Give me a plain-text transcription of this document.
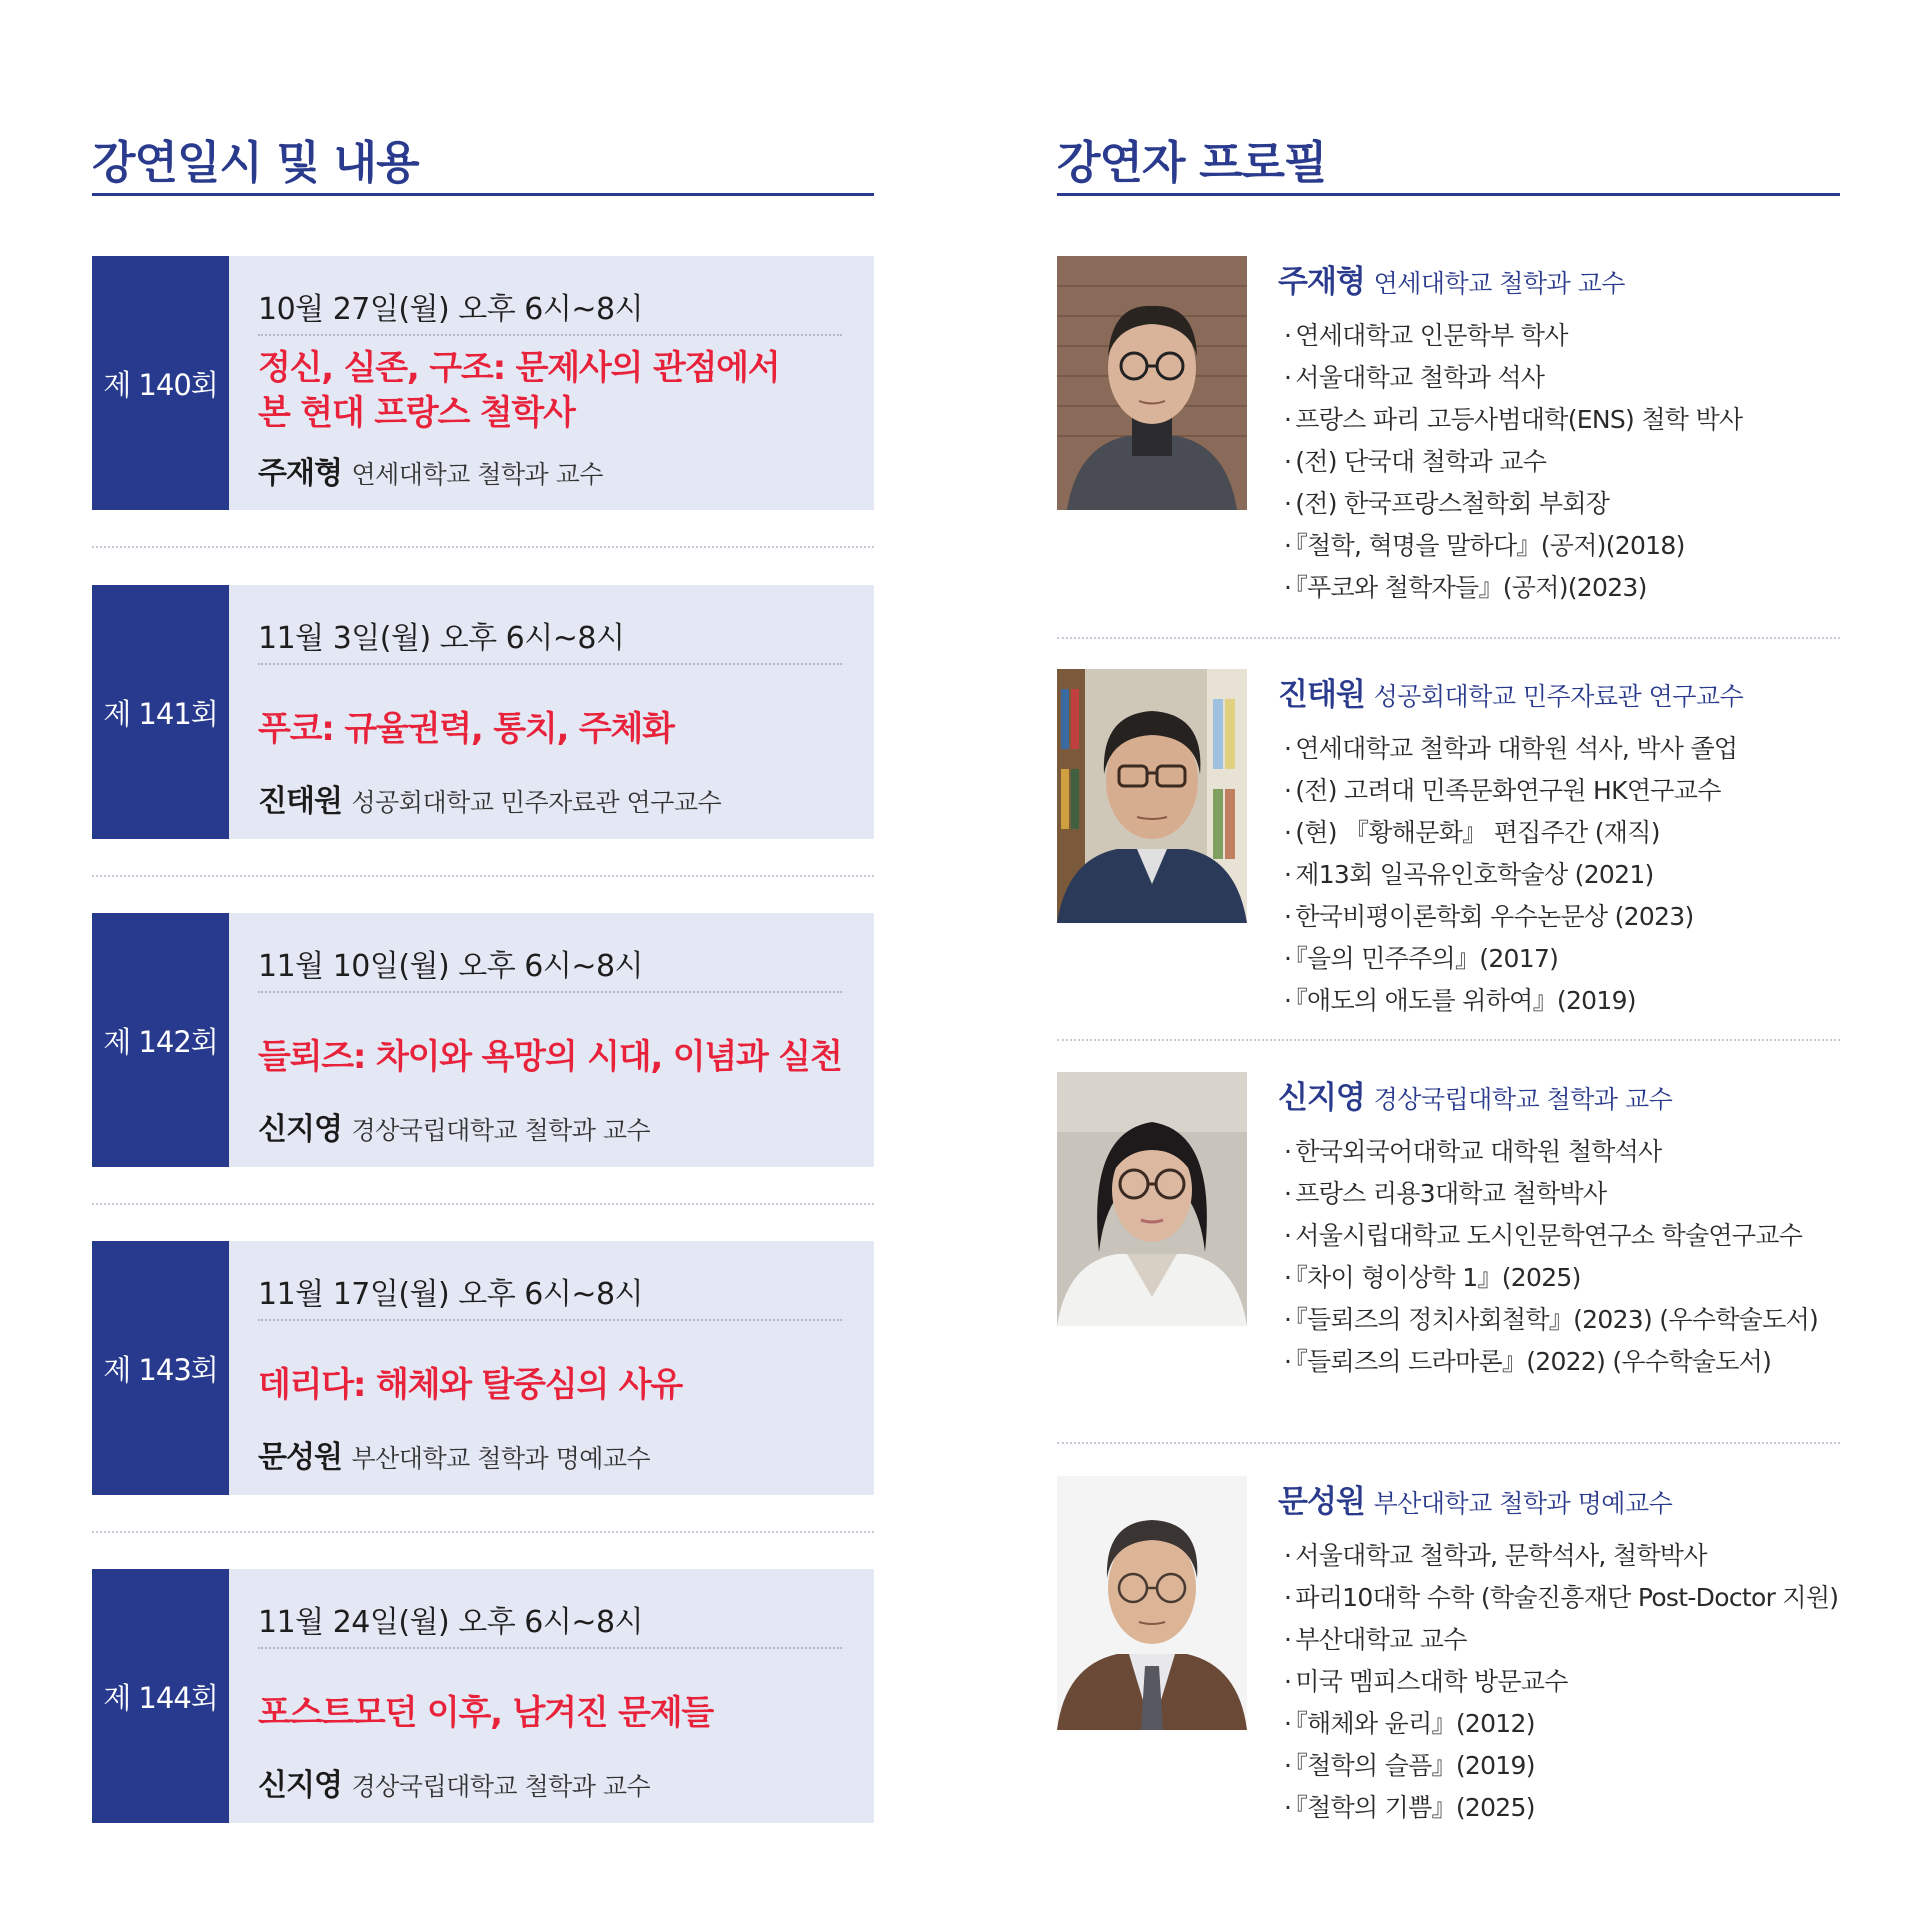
강연일시 및 내용
제 140회
10월 27일(월) 오후 6시~8시
정신, 실존, 구조: 문제사의 관점에서 본 현대 프랑스 철학사
주재형 연세대학교 철학과 교수
제 141회
11월 3일(월) 오후 6시~8시
푸코: 규율권력, 통치, 주체화
진태원 성공회대학교 민주자료관 연구교수
제 142회
11월 10일(월) 오후 6시~8시
들뢰즈: 차이와 욕망의 시대, 이념과 실천
신지영 경상국립대학교 철학과 교수
제 143회
11월 17일(월) 오후 6시~8시
데리다: 해체와 탈중심의 사유
문성원 부산대학교 철학과 명예교수
제 144회
11월 24일(월) 오후 6시~8시
포스트모던 이후, 남겨진 문제들
신지영 경상국립대학교 철학과 교수
강연자 프로필
주재형 연세대학교 철학과 교수
· 연세대학교 인문학부 학사
· 서울대학교 철학과 석사
· 프랑스 파리 고등사범대학(ENS) 철학 박사
· (전) 단국대 철학과 교수
· (전) 한국프랑스철학회 부회장
· 『철학, 혁명을 말하다』(공저)(2018)
· 『푸코와 철학자들』(공저)(2023)
진태원 성공회대학교 민주자료관 연구교수
· 연세대학교 철학과 대학원 석사, 박사 졸업
· (전) 고려대 민족문화연구원 HK연구교수
· (현) 『황해문화』 편집주간 (재직)
· 제13회 일곡유인호학술상 (2021)
· 한국비평이론학회 우수논문상 (2023)
· 『을의 민주주의』(2017)
· 『애도의 애도를 위하여』(2019)
신지영 경상국립대학교 철학과 교수
· 한국외국어대학교 대학원 철학석사
· 프랑스 리용3대학교 철학박사
· 서울시립대학교 도시인문학연구소 학술연구교수
· 『차이 형이상학 1』(2025)
· 『들뢰즈의 정치사회철학』(2023) (우수학술도서)
· 『들뢰즈의 드라마론』(2022) (우수학술도서)
문성원 부산대학교 철학과 명예교수
· 서울대학교 철학과, 문학석사, 철학박사
· 파리10대학 수학 (학술진흥재단 Post-Doctor 지원)
· 부산대학교 교수
· 미국 멤피스대학 방문교수
· 『해체와 윤리』(2012)
· 『철학의 슬픔』(2019)
· 『철학의 기쁨』(2025)
